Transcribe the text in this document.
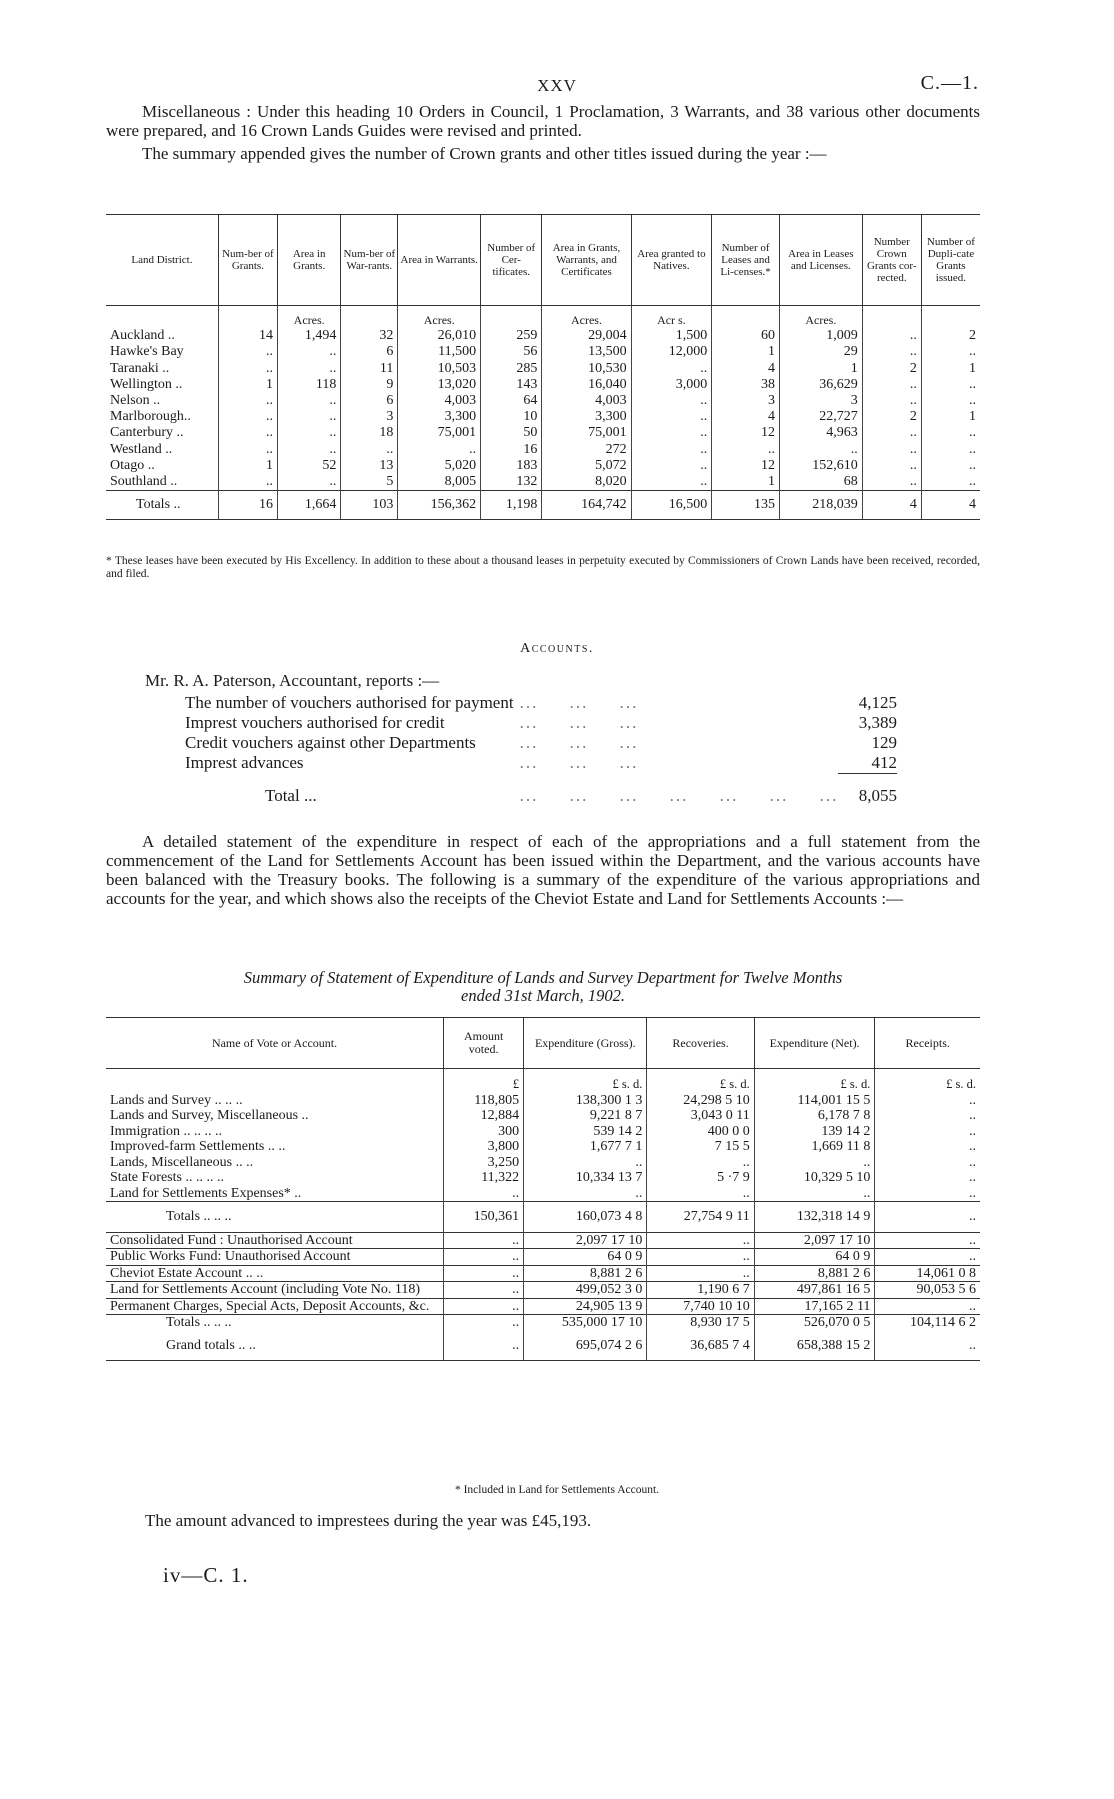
XXV	C.—1.
Miscellaneous : Under this heading 10 Orders in Council, 1 Proclamation, 3 Warrants, and 38 various other documents were prepared, and 16 Crown Lands Guides were revised and printed.
The summary appended gives the number of Crown grants and other titles issued during the year :—
Land District.	Num-ber of Grants.	Area in Grants.	Num-ber of War-rants.	Area in Warrants.	Number of Cer-tificates.	Area in Grants, Warrants, and Certificates	Area granted to Natives.	Number of Leases and Li-censes.*	Area in Leases and Licenses.	Number Crown Grants cor-rected.	Number of Dupli-cate Grants issued.
		Acres.		Acres.		Acres.	Acr s.		Acres.		
Auckland ..	14	1,494	32	26,010	259	29,004	1,500	60	1,009	..	2
Hawke's Bay	..	..	6	11,500	56	13,500	12,000	1	29	..	..
Taranaki ..	..	..	11	10,503	285	10,530	..	4	1	2	1
Wellington ..	1	118	9	13,020	143	16,040	3,000	38	36,629	..	..
Nelson ..	..	..	6	4,003	64	4,003	..	3	3	..	..
Marlborough..	..	..	3	3,300	10	3,300	..	4	22,727	2	1
Canterbury ..	..	..	18	75,001	50	75,001	..	12	4,963	..	..
Westland ..	..	..	..	..	16	272	..	..	..	..	..
Otago ..	1	52	13	5,020	183	5,072	..	12	152,610	..	..
Southland ..	..	..	5	8,005	132	8,020	..	1	68	..	..
Totals ..	16	1,664	103	156,362	1,198	164,742	16,500	135	218,039	4	4
* These leases have been executed by His Excellency. In addition to these about a thousand leases in perpetuity executed by Commissioners of Crown Lands have been received, recorded, and filed.
Accounts.
Mr. R. A. Paterson, Accountant, reports :—
The number of vouchers authorised for payment	...     ...     ...	4,125
Imprest vouchers authorised for credit	...     ...     ...	3,389
Credit vouchers against other Departments	...     ...     ...	129
Imprest advances	...     ...     ...	412

Total ...	...     ...     ...     ...     ...     ...     ...	8,055
A detailed statement of the expenditure in respect of each of the appropriations and a full statement from the commencement of the Land for Settlements Account has been issued within the Department, and the various accounts have been balanced with the Treasury books. The following is a summary of the expenditure of the various appropriations and accounts for the year, and which shows also the receipts of the Cheviot Estate and Land for Settlements Accounts :—
Summary of Statement of Expenditure of Lands and Survey Department for Twelve Months
ended 31st March, 1902.
Name of Vote or Account.	Amount voted.	Expenditure (Gross).	Recoveries.	Expenditure (Net).	Receipts.
	£	£ s. d.	£ s. d.	£ s. d.	£ s. d.
Lands and Survey .. .. ..	118,805	138,300 1 3	24,298 5 10	114,001 15 5	..
Lands and Survey, Miscellaneous ..	12,884	9,221 8 7	3,043 0 11	6,178 7 8	..
Immigration .. .. .. ..	300	539 14 2	400 0 0	139 14 2	..
Improved-farm Settlements .. ..	3,800	1,677 7 1	7 15 5	1,669 11 8	..
Lands, Miscellaneous .. ..	3,250	..	..	..	..
State Forests .. .. .. ..	11,322	10,334 13 7	5 ·7 9	10,329 5 10	..
Land for Settlements Expenses* ..	..	..	..	..	..
Totals .. .. ..	150,361	160,073 4 8	27,754 9 11	132,318 14 9	..
Consolidated Fund : Unauthorised Account	..	2,097 17 10	..	2,097 17 10	..
Public Works Fund: Unauthorised Account	..	64 0 9	..	64 0 9	..
Cheviot Estate Account .. ..	..	8,881 2 6	..	8,881 2 6	14,061 0 8
Land for Settlements Account (including Vote No. 118)	..	499,052 3 0	1,190 6 7	497,861 16 5	90,053 5 6
Permanent Charges, Special Acts, Deposit Accounts, &c.	..	24,905 13 9	7,740 10 10	17,165 2 11	..
Totals .. .. ..	..	535,000 17 10	8,930 17 5	526,070 0 5	104,114 6 2
Grand totals .. ..	..	695,074 2 6	36,685 7 4	658,388 15 2	..
* Included in Land for Settlements Account.
The amount advanced to imprestees during the year was £45,193.
iv—C. 1.
